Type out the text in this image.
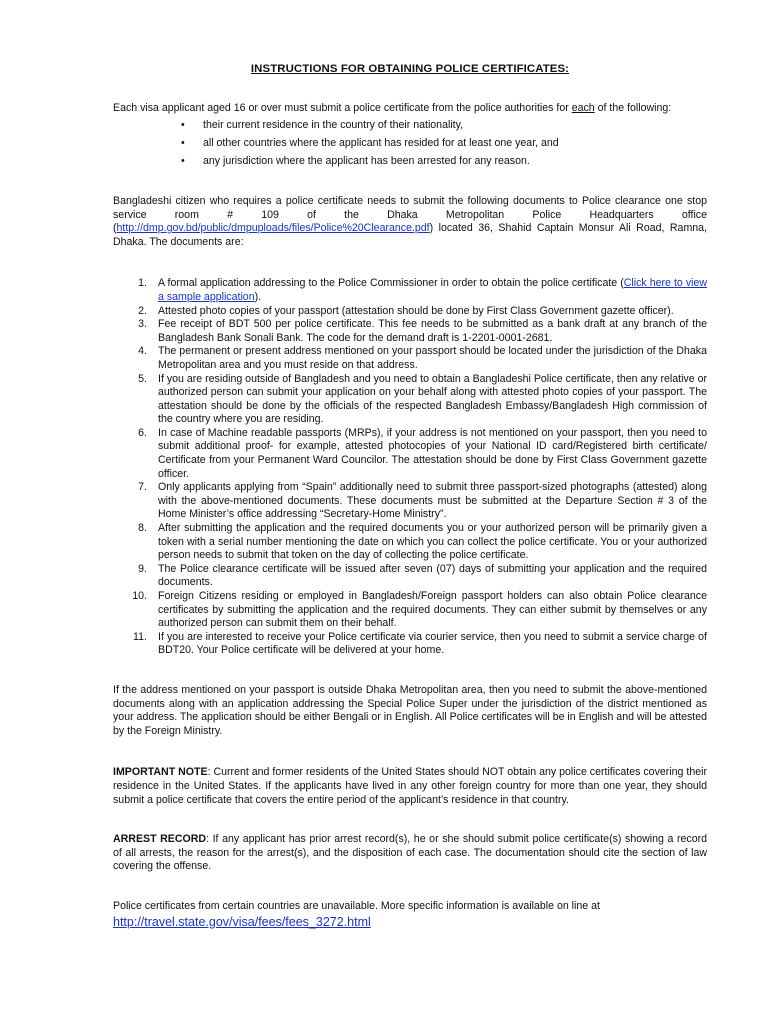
INSTRUCTIONS FOR OBTAINING POLICE CERTIFICATES:

Each visa applicant aged 16 or over must submit a police certificate from the police authorities for each of the following:

• their current residence in the country of their nationality,
• all other countries where the applicant has resided for at least one year, and
• any jurisdiction where the applicant has been arrested for any reason.

Bangladeshi citizen who requires a police certificate needs to submit the following documents to Police clearance one stop service room # 109 of the Dhaka Metropolitan Police Headquarters office (http://dmp.gov.bd/public/dmpuploads/files/Police%20Clearance.pdf) located 36, Shahid Captain Monsur Ali Road, Ramna, Dhaka. The documents are:

1. A formal application addressing to the Police Commissioner in order to obtain the police certificate (Click here to view a sample application).
2. Attested photo copies of your passport (attestation should be done by First Class Government gazette officer).
3. Fee receipt of BDT 500 per police certificate. This fee needs to be submitted as a bank draft at any branch of the Bangladesh Bank Sonali Bank. The code for the demand draft is 1-2201-0001-2681.
4. The permanent or present address mentioned on your passport should be located under the jurisdiction of the Dhaka Metropolitan area and you must reside on that address.
5. If you are residing outside of Bangladesh and you need to obtain a Bangladeshi Police certificate, then any relative or authorized person can submit your application on your behalf along with attested photo copies of your passport. The attestation should be done by the officials of the respected Bangladesh Embassy/Bangladesh High commission of the country where you are residing.
6. In case of Machine readable passports (MRPs), if your address is not mentioned on your passport, then you need to submit additional proof- for example, attested photocopies of your National ID card/Registered birth certificate/ Certificate from your Permanent Ward Councilor. The attestation should be done by First Class Government gazette officer.
7. Only applicants applying from “Spain” additionally need to submit three passport-sized photographs (attested) along with the above-mentioned documents. These documents must be submitted at the Departure Section # 3 of the Home Minister’s office addressing “Secretary-Home Ministry”.
8. After submitting the application and the required documents you or your authorized person will be primarily given a token with a serial number mentioning the date on which you can collect the police certificate. You or your authorized person needs to submit that token on the day of collecting the police certificate.
9. The Police clearance certificate will be issued after seven (07) days of submitting your application and the required documents.
10. Foreign Citizens residing or employed in Bangladesh/Foreign passport holders can also obtain Police clearance certificates by submitting the application and the required documents. They can either submit by themselves or any authorized person can submit them on their behalf.
11. If you are interested to receive your Police certificate via courier service, then you need to submit a service charge of BDT20. Your Police certificate will be delivered at your home.

If the address mentioned on your passport is outside Dhaka Metropolitan area, then you need to submit the above-mentioned documents along with an application addressing the Special Police Super under the jurisdiction of the district mentioned as your address. The application should be either Bengali or in English. All Police certificates will be in English and will be attested by the Foreign Ministry.

IMPORTANT NOTE: Current and former residents of the United States should NOT obtain any police certificates covering their residence in the United States. If the applicants have lived in any other foreign country for more than one year, they should submit a police certificate that covers the entire period of the applicant’s residence in that country.

ARREST RECORD: If any applicant has prior arrest record(s), he or she should submit police certificate(s) showing a record of all arrests, the reason for the arrest(s), and the disposition of each case. The documentation should cite the section of law covering the offense.

Police certificates from certain countries are unavailable. More specific information is available on line at

http://travel.state.gov/visa/fees/fees_3272.html
